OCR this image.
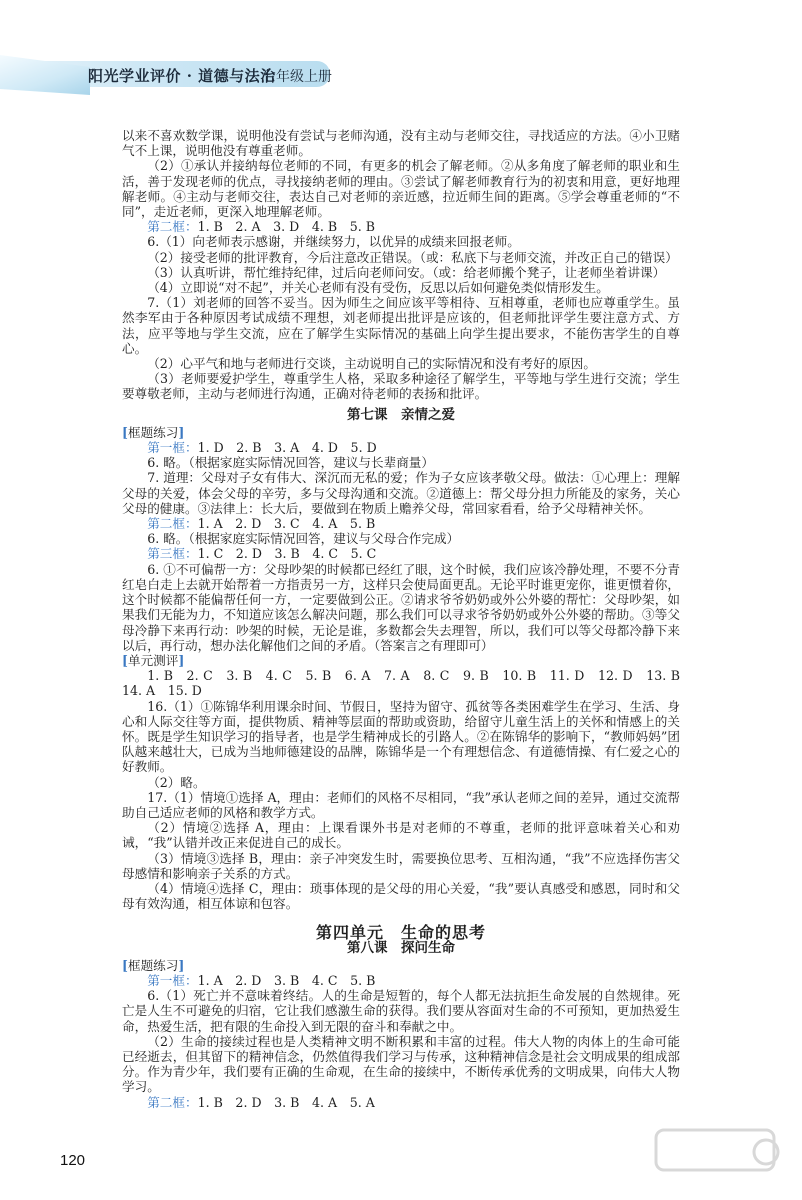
阳光学业评价 · 道德与法治
七年级上册

以来不喜欢数学课，说明他没有尝试与老师沟通，没有主动与老师交往，寻找适应的方法。④小卫赌气不上课，说明他没有尊重老师。

（2）①承认并接纳每位老师的不同，有更多的机会了解老师。②从多角度了解老师的职业和生活，善于发现老师的优点，寻找接纳老师的理由。③尝试了解老师教育行为的初衷和用意，更好地理解老师。④主动与老师交往，表达自己对老师的亲近感，拉近师生间的距离。⑤学会尊重老师的“不同”，走近老师，更深入地理解老师。

第二框：1. B　2. A　3. D　4. B　5. B

6.（1）向老师表示感谢，并继续努力，以优异的成绩来回报老师。

（2）接受老师的批评教育，今后注意改正错误。（或：私底下与老师交流，并改正自己的错误）

（3）认真听讲，帮忙维持纪律，过后向老师问安。（或：给老师搬个凳子，让老师坐着讲课）

（4）立即说“对不起”，并关心老师有没有受伤，反思以后如何避免类似情形发生。

7.（1）刘老师的回答不妥当。因为师生之间应该平等相待、互相尊重，老师也应尊重学生。虽然李军由于各种原因考试成绩不理想，刘老师提出批评是应该的，但老师批评学生要注意方式、方法，应平等地与学生交流，应在了解学生实际情况的基础上向学生提出要求，不能伤害学生的自尊心。

（2）心平气和地与老师进行交谈，主动说明自己的实际情况和没有考好的原因。

（3）老师要爱护学生，尊重学生人格，采取多种途径了解学生，平等地与学生进行交流；学生要尊敬老师，主动与老师进行沟通，正确对待老师的表扬和批评。

第七课　亲情之爱

[框题练习]

第一框：1. D　2. B　3. A　4. D　5. D

6. 略。（根据家庭实际情况回答，建议与长辈商量）

7. 道理：父母对子女有伟大、深沉而无私的爱；作为子女应该孝敬父母。做法：①心理上：理解父母的关爱，体会父母的辛劳，多与父母沟通和交流。②道德上：帮父母分担力所能及的家务，关心父母的健康。③法律上：长大后，要做到在物质上赡养父母，常回家看看，给予父母精神关怀。

第二框：1. A　2. D　3. C　4. A　5. B

6. 略。（根据家庭实际情况回答，建议与父母合作完成）

第三框：1. C　2. D　3. B　4. C　5. C

6. ①不可偏帮一方：父母吵架的时候都已经红了眼，这个时候，我们应该冷静处理，不要不分青红皂白走上去就开始帮着一方指责另一方，这样只会使局面更乱。无论平时谁更宠你，谁更惯着你，这个时候都不能偏帮任何一方，一定要做到公正。②请求爷爷奶奶或外公外婆的帮忙：父母吵架，如果我们无能为力，不知道应该怎么解决问题，那么我们可以寻求爷爷奶奶或外公外婆的帮助。③等父母冷静下来再行动：吵架的时候，无论是谁，多数都会失去理智，所以，我们可以等父母都冷静下来以后，再行动，想办法化解他们之间的矛盾。（答案言之有理即可）

[单元测评]

1. B　2. C　3. B　4. C　5. B　6. A　7. A　8. C　9. B　10. B　11. D　12. D　13. B　14. A　15. D

16.（1）①陈锦华利用课余时间、节假日，坚持为留守、孤贫等各类困难学生在学习、生活、身心和人际交往等方面，提供物质、精神等层面的帮助或资助，给留守儿童生活上的关怀和情感上的关怀。既是学生知识学习的指导者，也是学生精神成长的引路人。②在陈锦华的影响下，“教师妈妈”团队越来越壮大，已成为当地师德建设的品牌，陈锦华是一个有理想信念、有道德情操、有仁爱之心的好教师。

（2）略。

17.（1）情境①选择 A，理由：老师们的风格不尽相同，“我”承认老师之间的差异，通过交流帮助自己适应老师的风格和教学方式。

（2）情境②选择 A，理由：上课看课外书是对老师的不尊重，老师的批评意味着关心和劝诫，“我”认错并改正来促进自己的成长。

（3）情境③选择 B，理由：亲子冲突发生时，需要换位思考、互相沟通，“我”不应选择伤害父母感情和影响亲子关系的方式。

（4）情境④选择 C，理由：琐事体现的是父母的用心关爱，“我”要认真感受和感恩，同时和父母有效沟通，相互体谅和包容。

第四单元　生命的思考
第八课　探问生命

[框题练习]

第一框：1. A　2. D　3. B　4. C　5. B

6.（1）死亡并不意味着终结。人的生命是短暂的，每个人都无法抗拒生命发展的自然规律。死亡是人生不可避免的归宿，它让我们感激生命的获得。我们要从容面对生命的不可预知，更加热爱生命，热爱生活，把有限的生命投入到无限的奋斗和奉献之中。

（2）生命的接续过程也是人类精神文明不断积累和丰富的过程。伟大人物的肉体上的生命可能已经逝去，但其留下的精神信念，仍然值得我们学习与传承，这种精神信念是社会文明成果的组成部分。作为青少年，我们要有正确的生命观，在生命的接续中，不断传承优秀的文明成果，向伟大人物学习。

第二框：1. B　2. D　3. B　4. A　5. A

120
